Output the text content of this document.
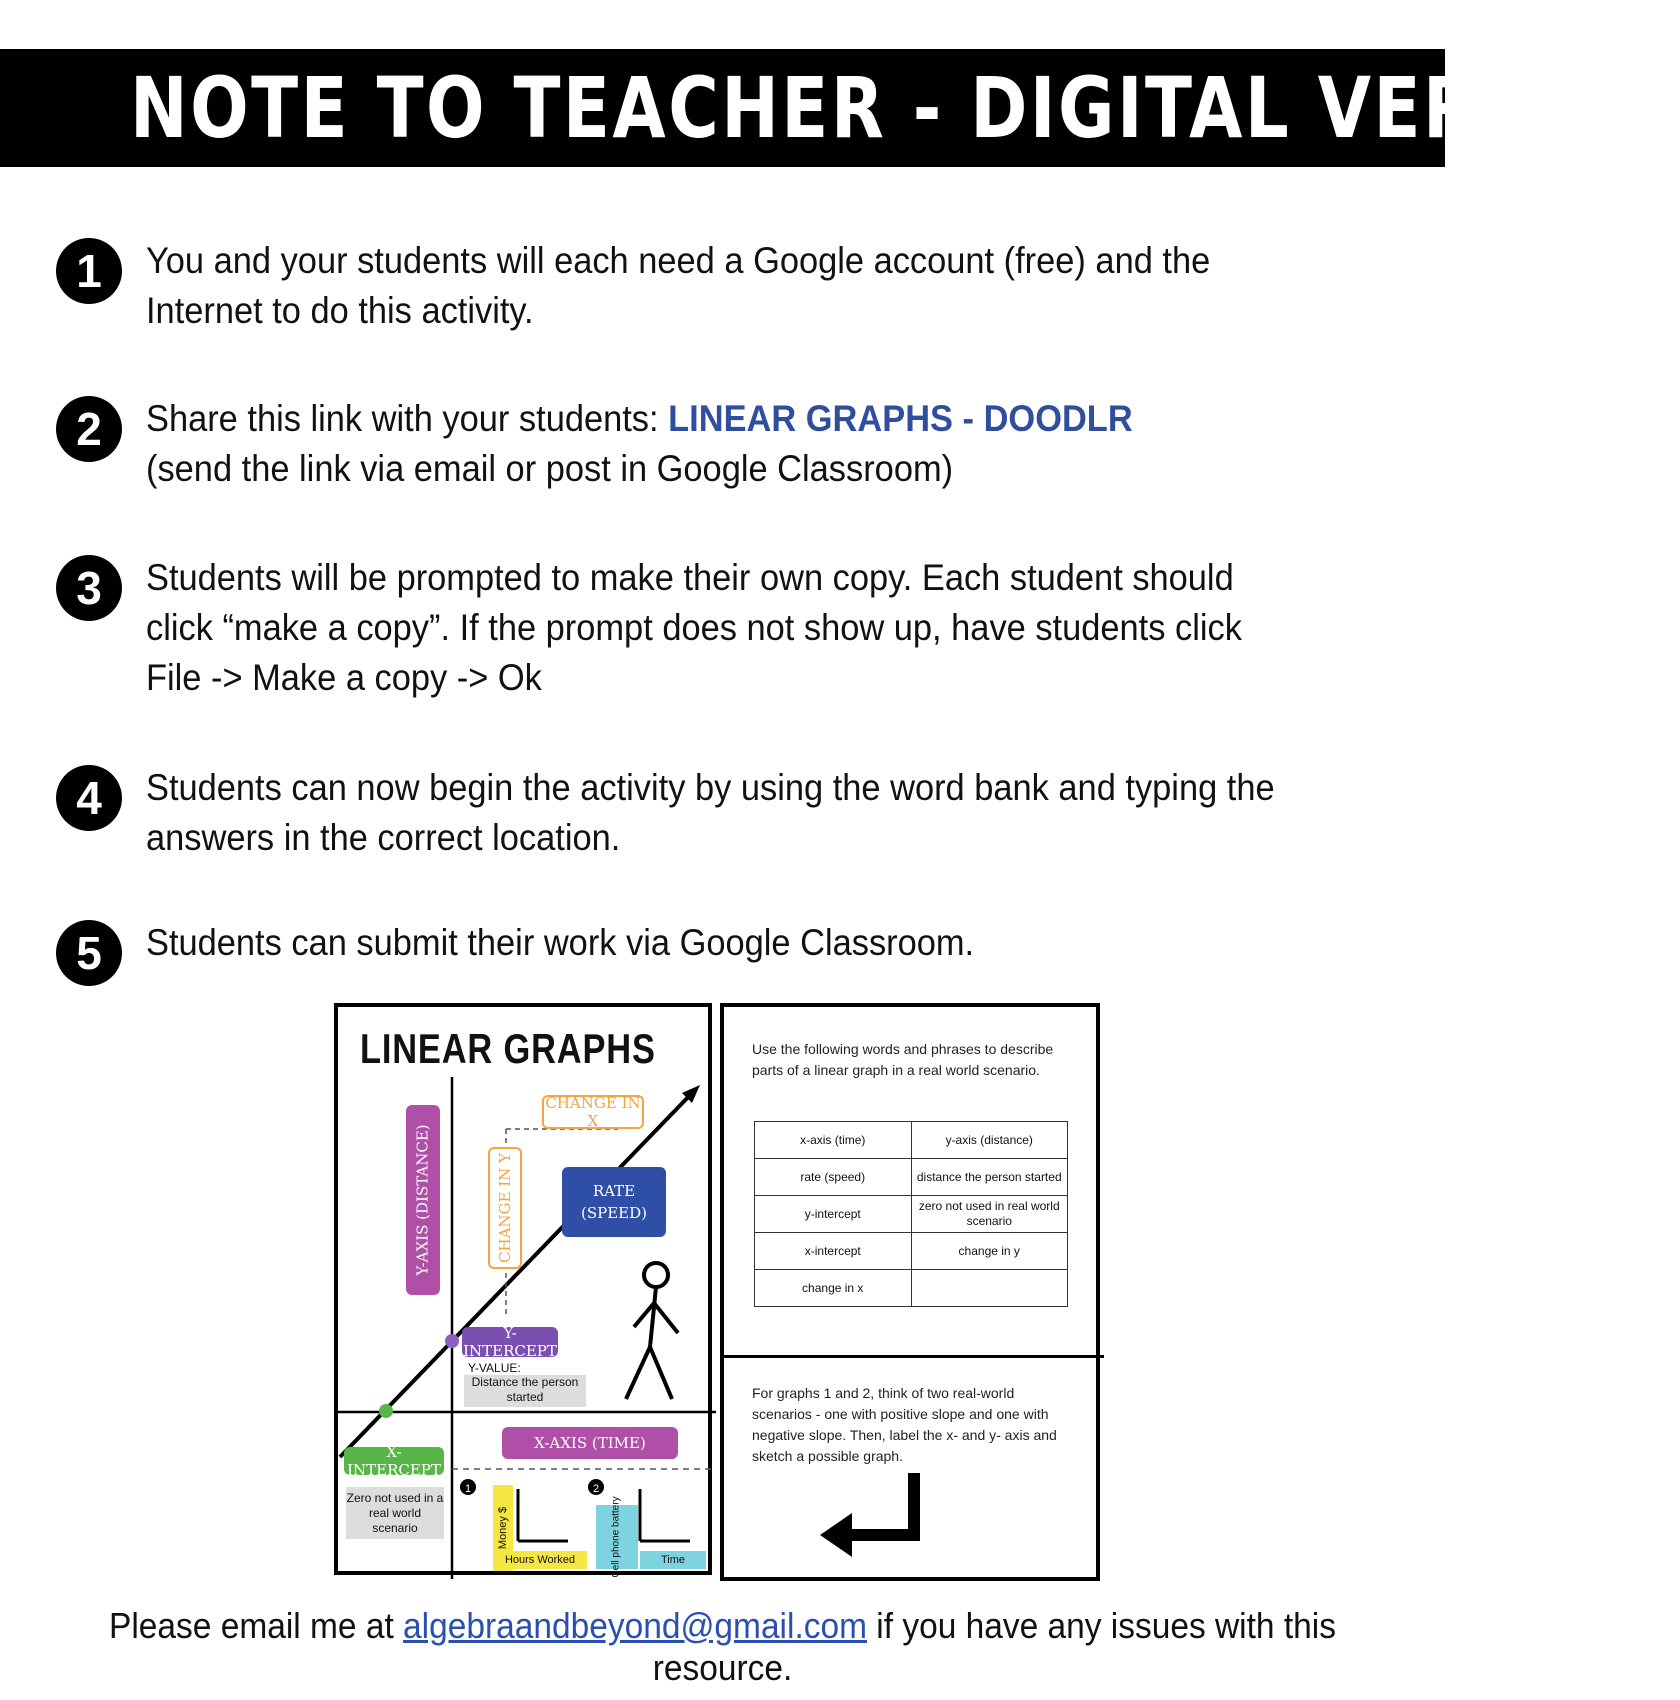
NOTE TO TEACHER - DIGITAL VERSION
1	You and your students will each need a Google account (free) and the Internet to do this activity.
2	Share this link with your students: LINEAR GRAPHS - DOODLR
(send the link via email or post in Google Classroom)
3	Students will be prompted to make their own copy. Each student should click “make a copy”. If the prompt does not show up, have students click File -> Make a copy -> Ok
4	Students can now begin the activity by using the word bank and typing the answers in the correct location.
5	Students can submit their work via Google Classroom.
LINEAR GRAPHS
Y-AXIS (DISTANCE)
CHANGE IN X
CHANGE IN Y	RATE
(SPEED)
Y-INTERCEPT
Y-VALUE:
Distance the person started
X-AXIS (TIME)
X-INTERCEPT
Zero not used in a real world scenario
1	2
Money $
Hours Worked	Cell phone battery	Time
Use the following words and phrases to describe parts of a linear graph in a real world scenario.
x-axis (time)	y-axis (distance)
rate (speed)	distance the person started
y-intercept	zero not used in real world scenario
x-intercept	change in y
change in x	
For graphs 1 and 2, think of two real-world scenarios - one with positive slope and one with negative slope. Then, label the x- and y- axis and sketch a possible graph.
Please email me at algebraandbeyond@gmail.com if you have any issues with this resource.
